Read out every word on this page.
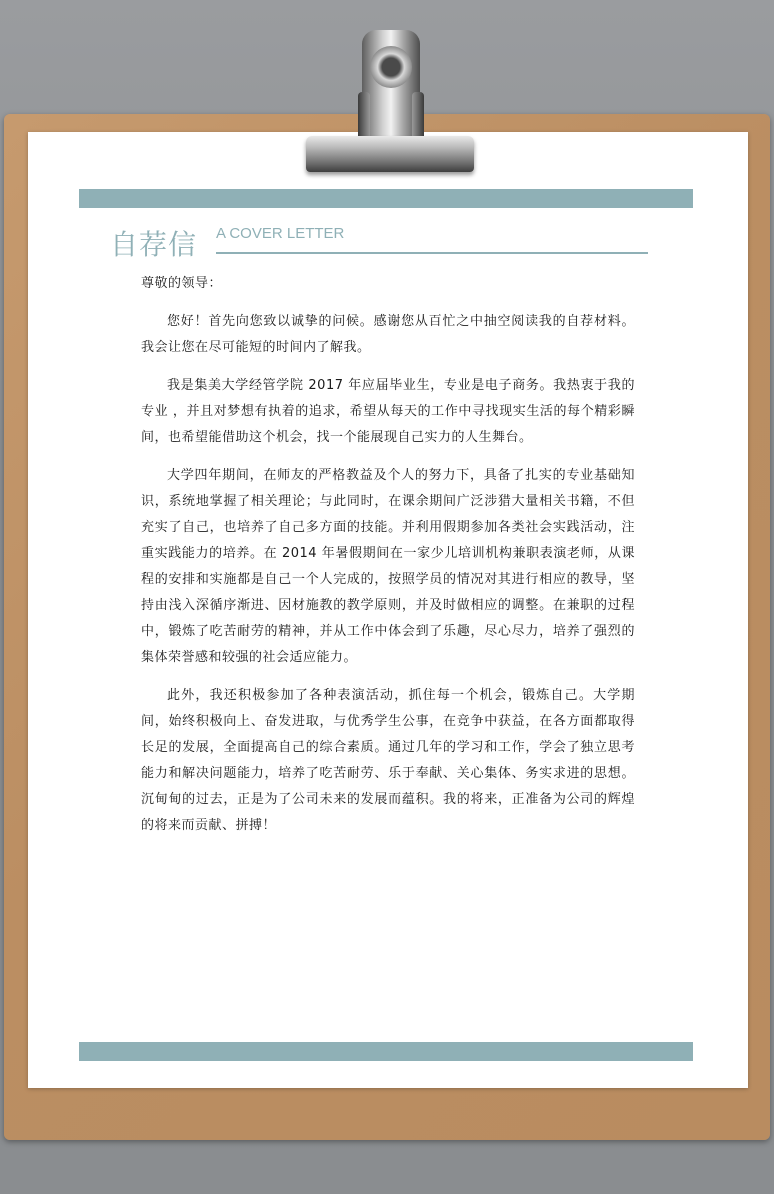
自荐信 A COVER LETTER

尊敬的领导：

您好！首先向您致以诚挚的问候。感谢您从百忙之中抽空阅读我的自荐材料。我会让您在尽可能短的时间内了解我。

我是集美大学经管学院 2017 年应届毕业生，专业是电子商务。我热衷于我的专业 ，并且对梦想有执着的追求，希望从每天的工作中寻找现实生活的每个精彩瞬间，也希望能借助这个机会，找一个能展现自己实力的人生舞台。

大学四年期间，在师友的严格教益及个人的努力下，具备了扎实的专业基础知识，系统地掌握了相关理论；与此同时，在课余期间广泛涉猎大量相关书籍，不但充实了自己，也培养了自己多方面的技能。并利用假期参加各类社会实践活动，注重实践能力的培养。在 2014 年暑假期间在一家少儿培训机构兼职表演老师，从课程的安排和实施都是自己一个人完成的，按照学员的情况对其进行相应的教导，坚持由浅入深循序渐进、因材施教的教学原则，并及时做相应的调整。在兼职的过程中，锻炼了吃苦耐劳的精神，并从工作中体会到了乐趣，尽心尽力，培养了强烈的集体荣誉感和较强的社会适应能力。

此外，我还积极参加了各种表演活动，抓住每一个机会，锻炼自己。大学期间，始终积极向上、奋发进取，与优秀学生公事，在竞争中获益，在各方面都取得长足的发展，全面提高自己的综合素质。通过几年的学习和工作，学会了独立思考能力和解决问题能力，培养了吃苦耐劳、乐于奉献、关心集体、务实求进的思想。沉甸甸的过去，正是为了公司未来的发展而蕴积。我的将来，正准备为公司的辉煌的将来而贡献、拼搏！
